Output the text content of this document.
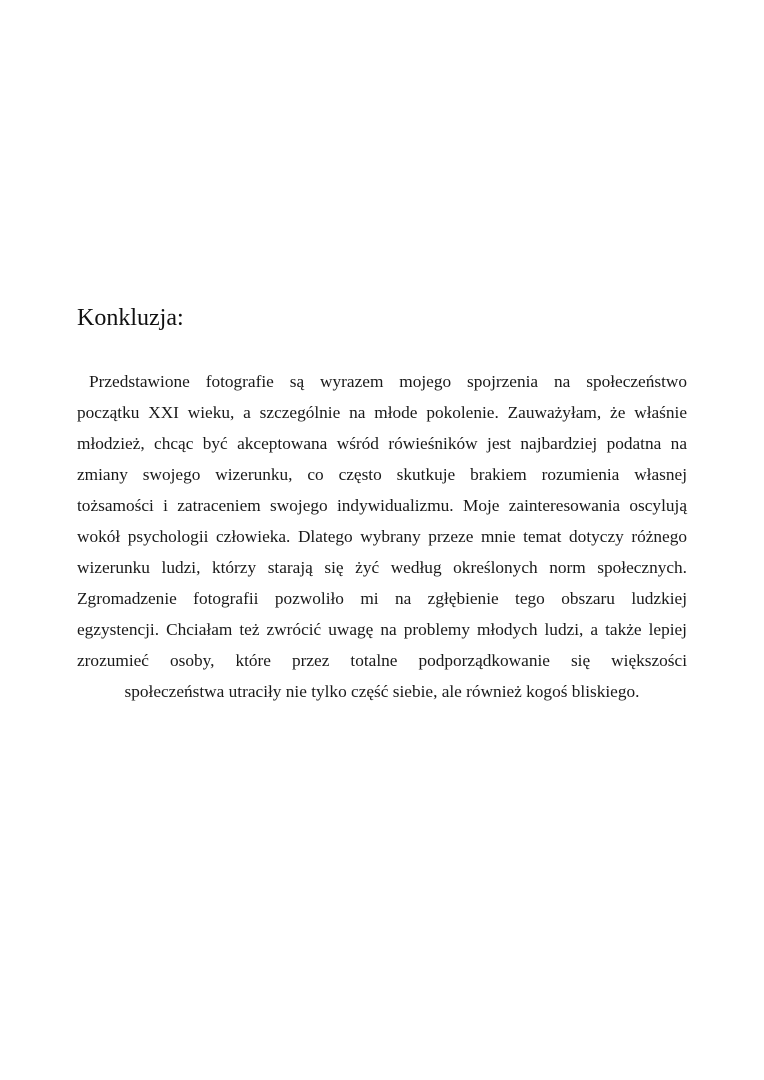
Konkluzja:
Przedstawione fotografie są wyrazem mojego spojrzenia na społeczeństwo
początku XXI wieku, a szczególnie na młode pokolenie. Zauważyłam, że właśnie
młodzież, chcąc być akceptowana wśród rówieśników jest najbardziej podatna na
zmiany swojego wizerunku, co często skutkuje brakiem rozumienia własnej
tożsamości i zatraceniem swojego indywidualizmu. Moje zainteresowania oscylują
wokół psychologii człowieka. Dlatego wybrany przeze mnie temat dotyczy różnego
wizerunku ludzi, którzy starają się żyć według określonych norm społecznych.
Zgromadzenie fotografii pozwoliło mi na zgłębienie tego obszaru ludzkiej
egzystencji. Chciałam też zwrócić uwagę na problemy młodych ludzi, a także lepiej
zrozumieć osoby, które przez totalne podporządkowanie się większości
społeczeństwa utraciły nie tylko część siebie, ale również kogoś bliskiego.
